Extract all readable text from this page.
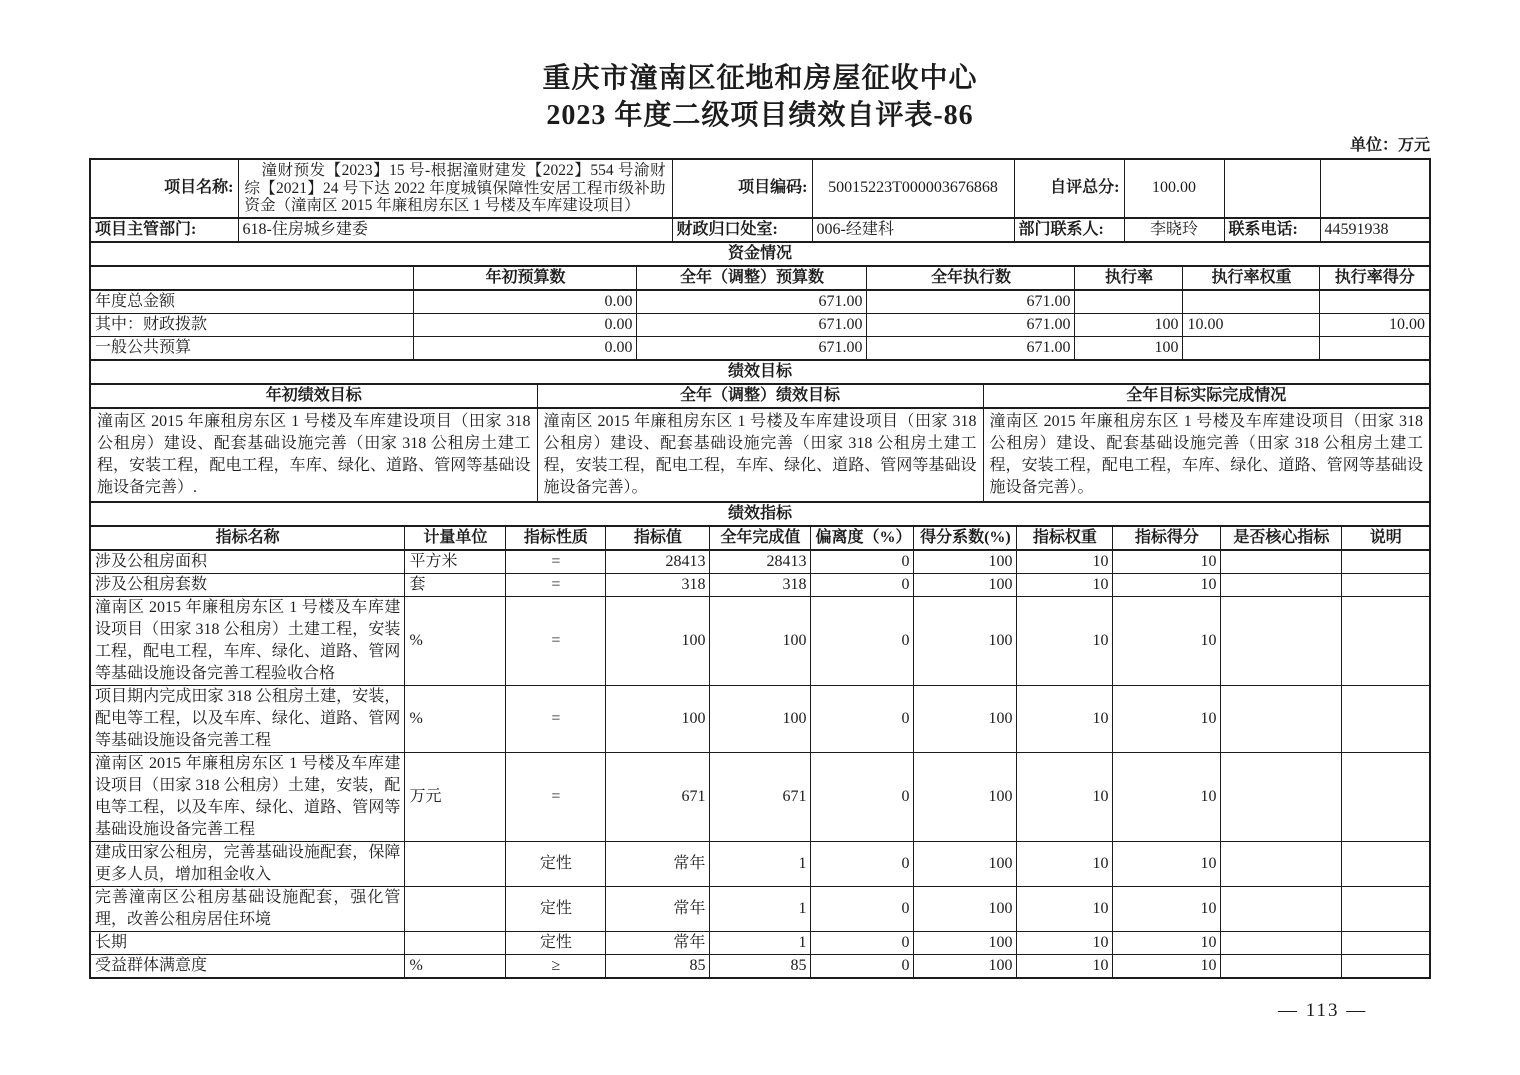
重庆市潼南区征地和房屋征收中心
2023 年度二级项目绩效自评表-86
单位：万元
项目名称:	潼财预发【2023】15 号-根据潼财建发【2022】554 号渝财综【2021】24 号下达 2022 年度城镇保障性安居工程市级补助资金（潼南区 2015 年廉租房东区 1 号楼及车库建设项目）	项目编码:	50015223T000003676868	自评总分:	100.00		
项目主管部门:	618-住房城乡建委	财政归口处室:	006-经建科	部门联系人:	李晓玲	联系电话:	44591938
资金情况						
	年初预算数	全年（调整）预算数	全年执行数	执行率	执行率权重	执行率得分
年度总金额	0.00	671.00	671.00			
其中：财政拨款	0.00	671.00	671.00	100	10.00	10.00
一般公共预算	0.00	671.00	671.00	100		
绩效目标		
年初绩效目标	全年（调整）绩效目标	全年目标实际完成情况
潼南区 2015 年廉租房东区 1 号楼及车库建设项目（田家 318 公租房）建设、配套基础设施完善（田家 318 公租房土建工程，安装工程，配电工程，车库、绿化、道路、管网等基础设施设备完善）.	潼南区 2015 年廉租房东区 1 号楼及车库建设项目（田家 318 公租房）建设、配套基础设施完善（田家 318 公租房土建工程，安装工程，配电工程，车库、绿化、道路、管网等基础设施设备完善）。	潼南区 2015 年廉租房东区 1 号楼及车库建设项目（田家 318 公租房）建设、配套基础设施完善（田家 318 公租房土建工程，安装工程，配电工程，车库、绿化、道路、管网等基础设施设备完善）。
绩效指标										
指标名称	计量单位	指标性质	指标值	全年完成值	偏离度（%）	得分系数(%)	指标权重	指标得分	是否核心指标	说明
涉及公租房面积	平方米	=	28413	28413	0	100	10	10		
涉及公租房套数	套	=	318	318	0	100	10	10		
潼南区 2015 年廉租房东区 1 号楼及车库建设项目（田家 318 公租房）土建工程，安装工程，配电工程，车库、绿化、道路、管网等基础设施设备完善工程验收合格	%	=	100	100	0	100	10	10		
项目期内完成田家 318 公租房土建，安装，配电等工程，以及车库、绿化、道路、管网等基础设施设备完善工程	%	=	100	100	0	100	10	10		
潼南区 2015 年廉租房东区 1 号楼及车库建设项目（田家 318 公租房）土建，安装，配电等工程，以及车库、绿化、道路、管网等基础设施设备完善工程	万元	=	671	671	0	100	10	10		
建成田家公租房，完善基础设施配套，保障更多人员，增加租金收入		定性	常年	1	0	100	10	10		
完善潼南区公租房基础设施配套，强化管理，改善公租房居住环境		定性	常年	1	0	100	10	10		
长期		定性	常年	1	0	100	10	10		
受益群体满意度	%	≥	85	85	0	100	10	10		
— 113 —
